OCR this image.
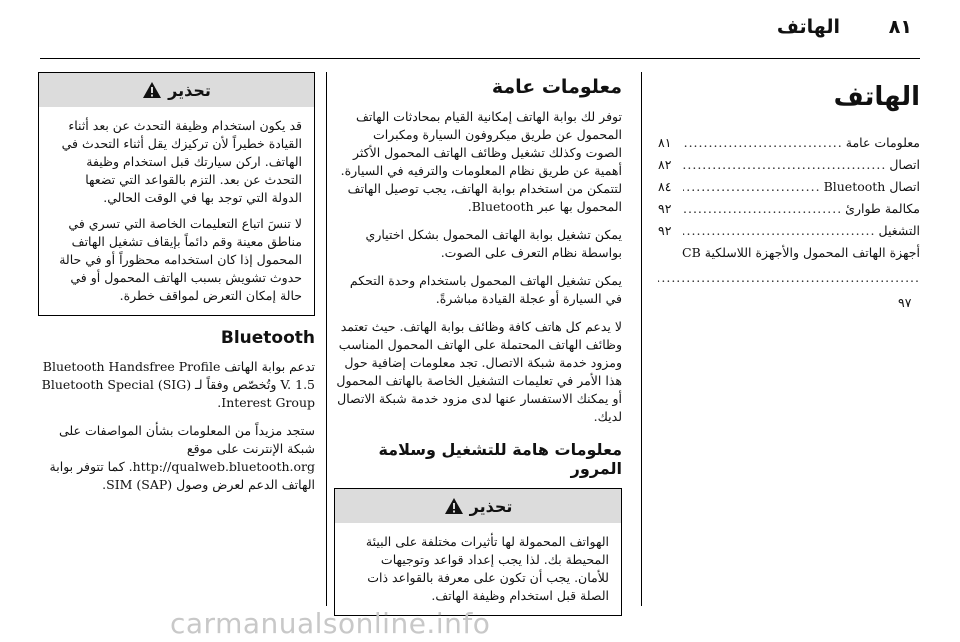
٨١
الهاتف
الهاتف
معلومات عامة
.....
٨١
اتصال
.....
٨٢
اتصال Bluetooth
.....
٨٤
مكالمة طوارئ
.....
٩٢
التشغيل
.....
٩٢
أجهزة الهاتف المحمول والأجهزة اللاسلكية CB
.....
٩٧
معلومات عامة

توفر لك بوابة الهاتف إمكانية القيام بمحادثات الهاتف المحمول عن طريق ميكروفون السيارة ومكبرات الصوت وكذلك تشغيل وظائف الهاتف المحمول الأكثر أهمية عن طريق نظام المعلومات والترفيه في السيارة. لتتمكن من استخدام بوابة الهاتف، يجب توصيل الهاتف المحمول بها عبر Bluetooth.

يمكن تشغيل بوابة الهاتف المحمول بشكل اختياري بواسطة نظام التعرف على الصوت.

يمكن تشغيل الهاتف المحمول باستخدام وحدة التحكم في السيارة أو عجلة القيادة مباشرةً.

لا يدعم كل هاتف كافة وظائف بوابة الهاتف. حيث تعتمد وظائف الهاتف المحتملة على الهاتف المحمول المناسب ومزود خدمة شبكة الاتصال. تجد معلومات إضافية حول هذا الأمر في تعليمات التشغيل الخاصة بالهاتف المحمول أو يمكنك الاستفسار عنها لدى مزود خدمة شبكة الاتصال لديك.

معلومات هامة للتشغيل وسلامة المرور
تحذير

الهواتف المحمولة لها تأثيرات مختلفة على البيئة المحيطة بك. لذا يجب إعداد قواعد وتوجيهات للأمان. يجب أن تكون على معرفة بالقواعد ذات الصلة قبل استخدام وظيفة الهاتف.

تحذير

قد يكون استخدام وظيفة التحدث عن بعد أثناء القيادة خطيراً لأن تركيزك يقل أثناء التحدث في الهاتف. اركن سيارتك قبل استخدام وظيفة التحدث عن بعد. التزم بالقواعد التي تضعها الدولة التي توجد بها في الوقت الحالي.

لا تنسَ اتباع التعليمات الخاصة التي تسري في مناطق معينة وقم دائماً بإيقاف تشغيل الهاتف المحمول إذا كان استخدامه محظوراً أو في حالة حدوث تشويش بسبب الهاتف المحمول أو في حالة إمكان التعرض لمواقف خطرة.

Bluetooth

تدعم بوابة الهاتف Bluetooth Handsfree Profile V. 1.5 وتُخصّص وفقاً لـ (SIG) Bluetooth Special Interest Group.

ستجد مزيداً من المعلومات بشأن المواصفات على شبكة الإنترنت على موقع http://qualweb.bluetooth.org. كما تتوفر بوابة الهاتف الدعم لعرض وصول SIM (SAP).

carmanualsonline.info
